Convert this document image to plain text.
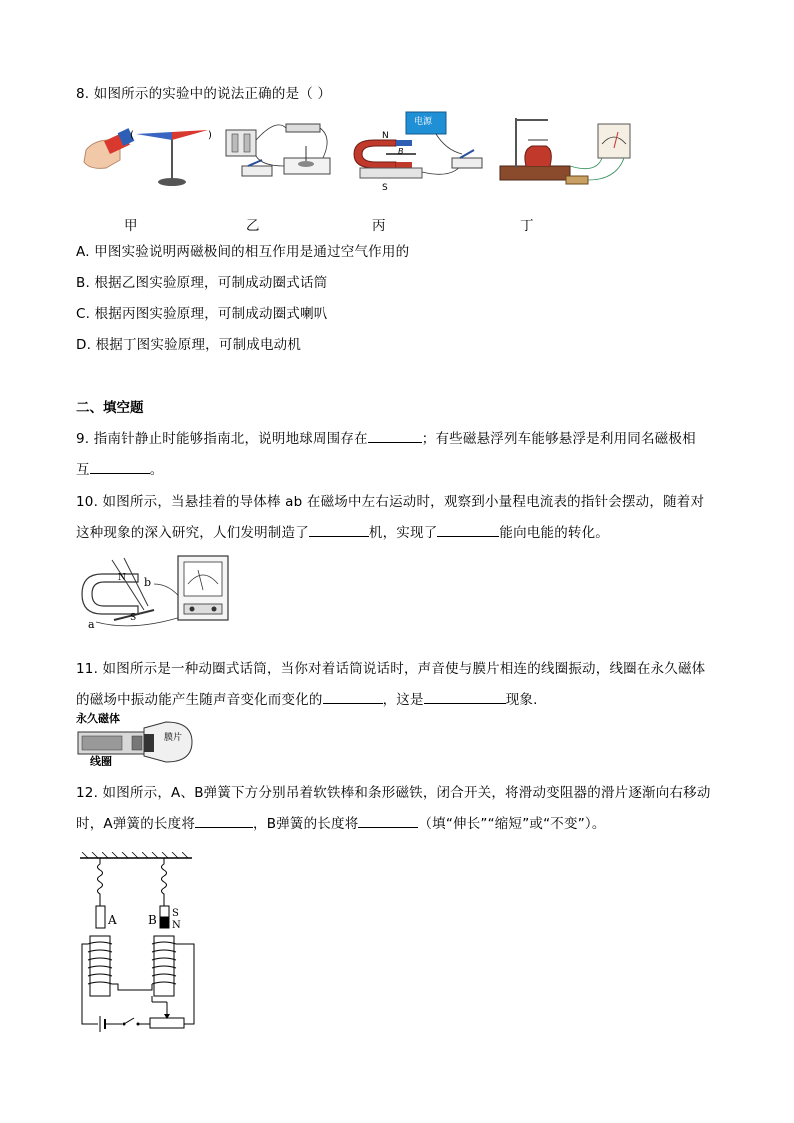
8. 如图所示的实验中的说法正确的是（ ）
(	)
电源
N
S
B
甲	乙	丙	丁
A. 甲图实验说明两磁极间的相互作用是通过空气作用的
B. 根据乙图实验原理，可制成动圈式话筒
C. 根据丙图实验原理，可制成动圈式喇叭
D. 根据丁图实验原理，可制成电动机
二、填空题
9. 指南针静止时能够指南北，说明地球周围存在	；有些磁悬浮列车能够悬浮是利用同名磁极相
互	。
10. 如图所示，当悬挂着的导体棒 ab 在磁场中左右运动时，观察到小量程电流表的指针会摆动，随着对
这种现象的深入研究，人们发明制造了	机，实现了	能向电能的转化。
N
S
a
b
11. 如图所示是一种动圈式话筒，当你对着话筒说话时，声音使与膜片相连的线圈振动，线圈在永久磁体
的磁场中振动能产生随声音变化而变化的	，这是	现象.
永久磁体
膜片
线圈
12. 如图所示，A、B弹簧下方分别吊着软铁棒和条形磁铁，闭合开关，将滑动变阻器的滑片逐渐向右移动
时，A弹簧的长度将	，B弹簧的长度将	（填“伸长”“缩短”或“不变”）。
A	B S
N
